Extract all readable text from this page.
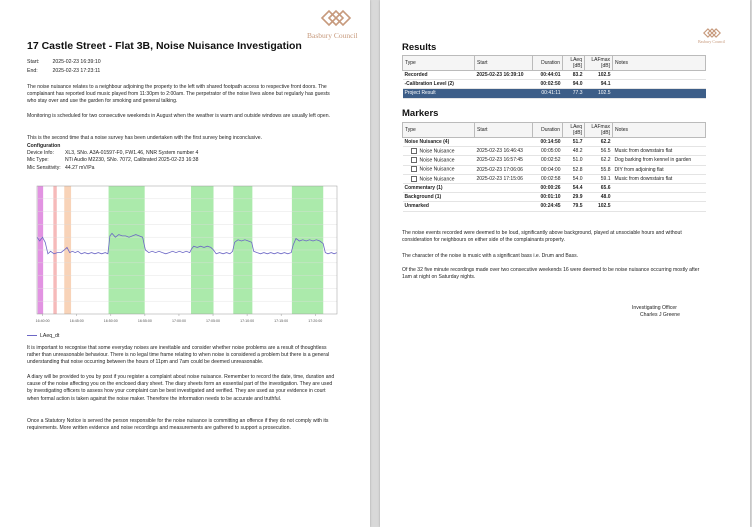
Basbury Council
17 Castle Street - Flat 3B, Noise Nuisance Investigation
Start:	2025-02-23 16:39:10
End:	2025-02-23 17:23:11

The noise nuisance relates to a neighbour adjoining the property to the left with shared footpath access to respective front doors. The complainant has reported loud music played from 11:30pm to 2:00am. The perpetrator of the noise lives alone but regularly has guests who stay over and use the garden for smoking and general talking.

Monitoring is scheduled for two consecutive weekends in August when the weather is warm and outside windows are usually left open.

This is the second time that a noise survey has been undertaken with the first survey being inconclusive.

Configuration
Device Info: XL3, SNo. A3A-01597-F0, FW1.46, NNR System number 4
Mic Type:	NTi Audio M2230, SNo. 7072, Calibrated 2025-02-23 16:38
Mic Sensitivity: 44.27 mV/Pa
16:40:00	16:45:00	16:50:00	16:55:00	17:00:00	17:05:00	17:10:00	17:15:00	17:20:00
LAeq_dt

It is important to recognise that some everyday noises are inevitable and consider whether noise problems are a result of thoughtless rather than unreasonable behaviour. There is no legal time frame relating to when noise is considered a problem but there is a general understanding that noise occurring between the hours of 11pm and 7am could be deemed unreasonable.

A diary will be provided to you by post if you register a complaint about noise nuisance. Remember to record the date, time, duration and cause of the noise affecting you on the enclosed diary sheet. The diary sheets form an essential part of the investigation. They are used by investigating officers to assess how your complaint can be best investigated and verified. They are used as your evidence in court when formal action is taken against the noise maker. Therefore the information needs to be accurate and truthful.

Once a Statutory Notice is served the person responsible for the noise nuisance is committing an offence if they do not comply with its requirements. More written evidence and noise recordings and measurements are gathered to support a prosecution.

Basbury Council
Results
Type	Start	Duration	LAeq [dB]	LAFmax [dB]	Notes
Recorded	2025-02-23 16:39:10	00:44:01	83.2	102.5	
-Calibration Level (2)		00:02:50	94.0	94.1	
Project Result		00:41:11	77.3	102.5	
Markers
Type	Start	Duration	LAeq [dB]	LAFmax [dB]	Notes
Noise Nuisance (4)		00:14:50	51.7	62.2	
Noise Nuisance	2025-02-23 16:46:43	00:05:00	48.2	56.5	Music from downstairs flat
Noise Nuisance	2025-02-23 16:57:45	00:02:52	51.0	62.2	Dog barking from kennel in garden
Noise Nuisance	2025-02-23 17:06:06	00:04:00	52.8	55.8	DIY from adjoining flat
Noise Nuisance	2025-02-23 17:15:06	00:02:58	54.0	59.1	Music from downstairs flat
Commentary (1)		00:00:26	54.4	65.6	
Background (1)		00:01:10	29.9	48.0	
Unmarked		00:24:45	79.5	102.5	

The noise events recorded were deemed to be loud, significantly above background, played at unsociable hours and without consideration for neighbours on either side of the complainants property.

The character of the noise is music with a significant bass i.e. Drum and Bass.

Of the 32 five minute recordings made over two consecutive weekends 16 were deemed to be noise nuisance occurring mostly after 1am at night on Saturday nights.

Investigating Officer
Charles J Greene
